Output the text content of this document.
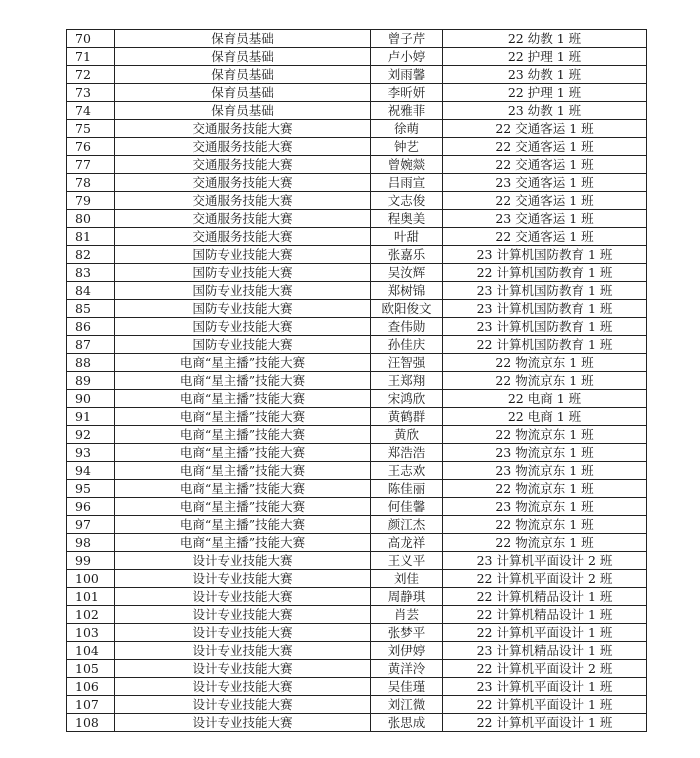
70	保育员基础	曾子芹	22 幼教 1 班
71	保育员基础	卢小婷	22 护理 1 班
72	保育员基础	刘雨馨	23 幼教 1 班
73	保育员基础	李昕妍	22 护理 1 班
74	保育员基础	祝雅菲	23 幼教 1 班
75	交通服务技能大赛	徐萌	22 交通客运 1 班
76	交通服务技能大赛	钟艺	22 交通客运 1 班
77	交通服务技能大赛	曾婉燚	22 交通客运 1 班
78	交通服务技能大赛	吕雨宣	23 交通客运 1 班
79	交通服务技能大赛	文志俊	22 交通客运 1 班
80	交通服务技能大赛	程奥美	23 交通客运 1 班
81	交通服务技能大赛	叶甜	22 交通客运 1 班
82	国防专业技能大赛	张嘉乐	23 计算机国防教育 1 班
83	国防专业技能大赛	吴汝辉	22 计算机国防教育 1 班
84	国防专业技能大赛	郑树锦	23 计算机国防教育 1 班
85	国防专业技能大赛	欧阳俊文	23 计算机国防教育 1 班
86	国防专业技能大赛	查伟勋	23 计算机国防教育 1 班
87	国防专业技能大赛	孙佳庆	22 计算机国防教育 1 班
88	电商“星主播”技能大赛	汪智强	22 物流京东 1 班
89	电商“星主播”技能大赛	王郑翔	22 物流京东 1 班
90	电商“星主播”技能大赛	宋鸿欣	22 电商 1 班
91	电商“星主播”技能大赛	黄鹤群	22 电商 1 班
92	电商“星主播”技能大赛	黄欣	22 物流京东 1 班
93	电商“星主播”技能大赛	郑浩浩	23 物流京东 1 班
94	电商“星主播”技能大赛	王志欢	23 物流京东 1 班
95	电商“星主播”技能大赛	陈佳丽	22 物流京东 1 班
96	电商“星主播”技能大赛	何佳馨	23 物流京东 1 班
97	电商“星主播”技能大赛	颜江杰	22 物流京东 1 班
98	电商“星主播”技能大赛	高龙祥	22 物流京东 1 班
99	设计专业技能大赛	王义平	23 计算机平面设计 2 班
100	设计专业技能大赛	刘佳	22 计算机平面设计 2 班
101	设计专业技能大赛	周静琪	22 计算机精品设计 1 班
102	设计专业技能大赛	肖芸	22 计算机精品设计 1 班
103	设计专业技能大赛	张梦平	22 计算机平面设计 1 班
104	设计专业技能大赛	刘伊婷	23 计算机精品设计 1 班
105	设计专业技能大赛	黄洋泠	22 计算机平面设计 2 班
106	设计专业技能大赛	吴佳瑾	23 计算机平面设计 1 班
107	设计专业技能大赛	刘江微	22 计算机平面设计 1 班
108	设计专业技能大赛	张思成	22 计算机平面设计 1 班
